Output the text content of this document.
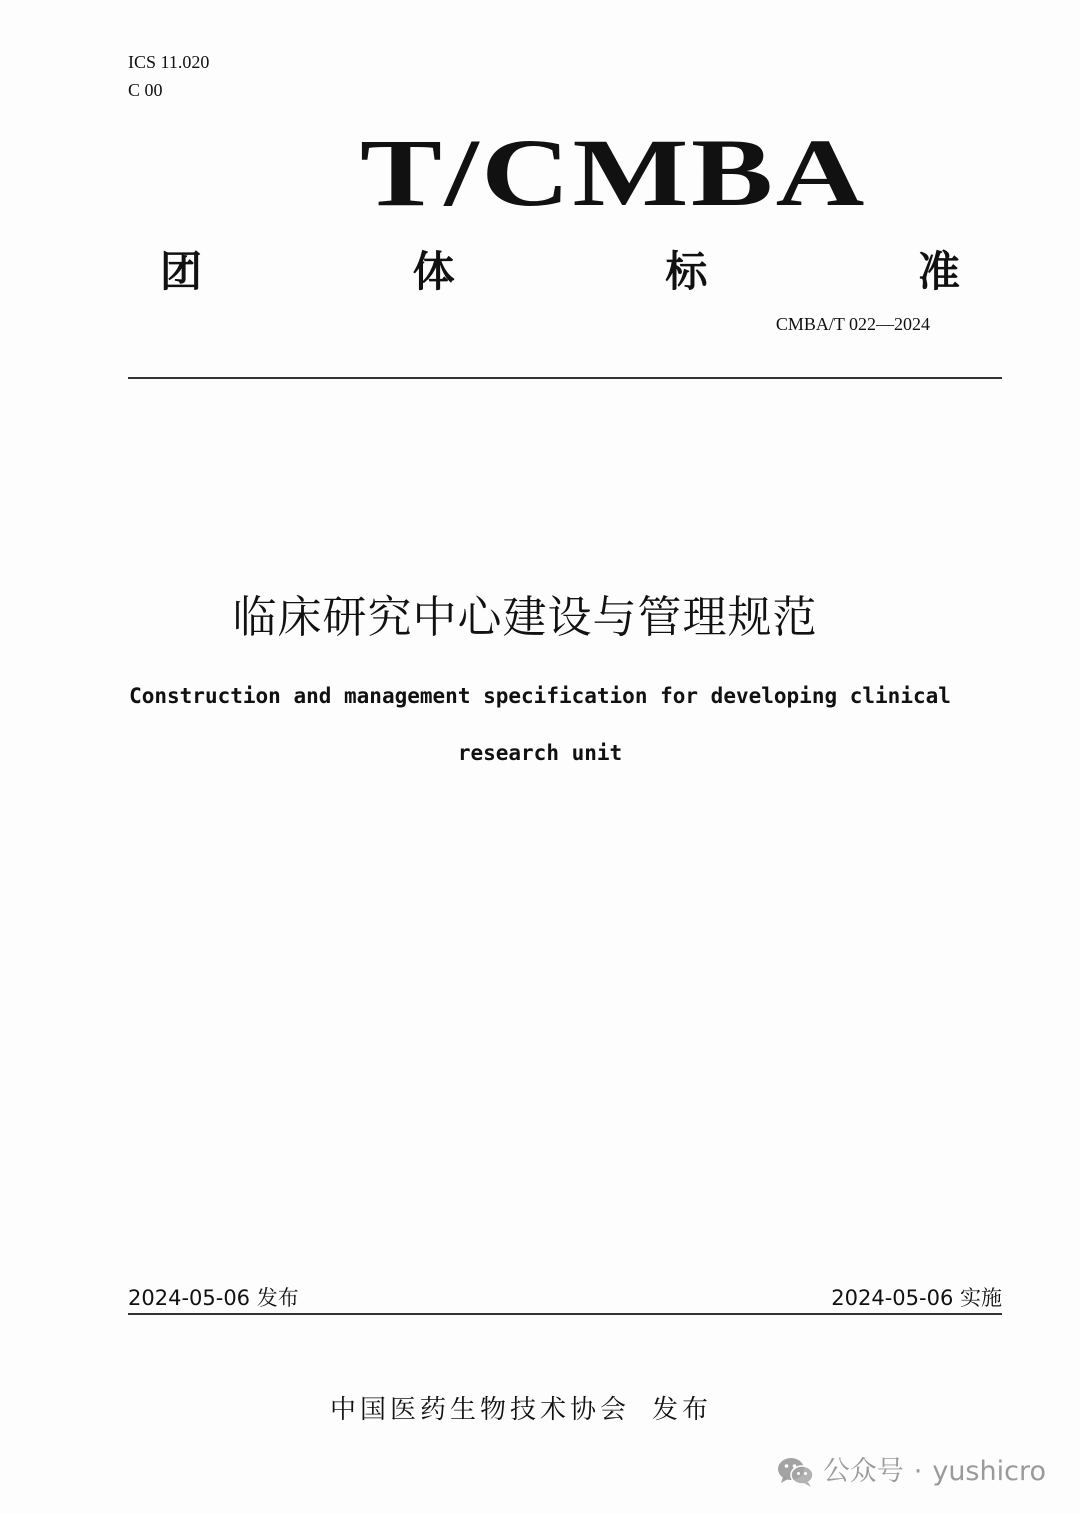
ICS 11.020
C 00
T/CMBA
团	体	标	准
CMBA/T 022—2024
临床研究中心建设与管理规范
Construction and management specification for developing clinical
research unit
2024-05-06 发布	2024-05-06 实施
中国医药生物技术协会 发布
公众号 · yushicro
